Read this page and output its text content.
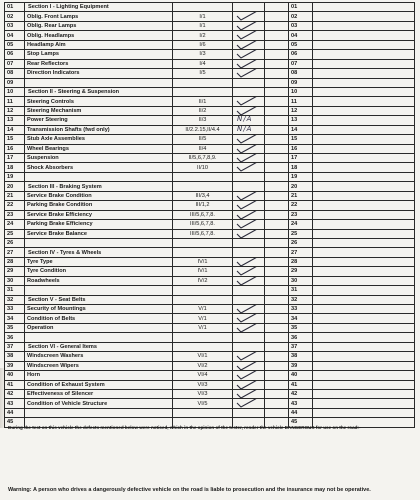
01	Section I - Lighting Equipment				01	
02	Oblig. Front Lamps	I/1			02	
03	Oblig. Rear Lamps	I/1			03	
04	Oblig. Headlamps	I/2			04	
05	Headlamp Aim	I/6			05	
06	Stop Lamps	I/3			06	
07	Rear Reflectors	I/4			07	
08	Direction Indicators	I/5			08	
09					09	
10	Section II - Steering & Suspension				10	
11	Steering Controls	II/1			11	
12	Steering Mechanism	II/2			12	
13	Power Steering	II/3	N/A		13	
14	Transmission Shafts (fwd only)	II/2.2.15,II/4.4	N/A		14	
15	Stub Axle Assemblies	II/5			15	
16	Wheel Bearings	II/4			16	
17	Suspension	II/5,6,7,8,9.			17	
18	Shock Absorbers	II/10			18	
19					19	
20	Section III - Braking System				20	
21	Service Brake Condition	III/3,4			21	
22	Parking Brake Condition	III/1,2			22	
23	Service Brake Efficiency	III/5,6,7,8.			23	
24	Parking Brake Efficiency	III/5,6,7,8.			24	
25	Service Brake Balance	III/5,6,7,8.			25	
26					26	
27	Section IV - Tyres & Wheels				27	
28	Tyre Type	IV/1			28	
29	Tyre Condition	IV/1			29	
30	Roadwheels	IV/2			30	
31					31	
32	Section V - Seat Belts				32	
33	Security of Mountings	V/1			33	
34	Condition of Belts	V/1			34	
35	Operation	V/1			35	
36					36	
37	Section VI - General Items				37	
38	Windscreen Washers	VI/1			38	
39	Windscreen Wipers	VI/2			39	
40	Horn	VI/4			40	
41	Condition of Exhaust System	VI/3			41	
42	Effectiveness of Silencer	VI/3			42	
43	Condition of Vehicle Structure	VI/5			43	
44					44	
45					45	
During the test on this vehicle the defects mentioned below were noticed, which in the opinion of the tester, render the vehicle DANGEROUS for use on the road:-
Warning: A person who drives a dangerously defective vehicle on the road is liable to prosecution and the insurance may not be operative.
